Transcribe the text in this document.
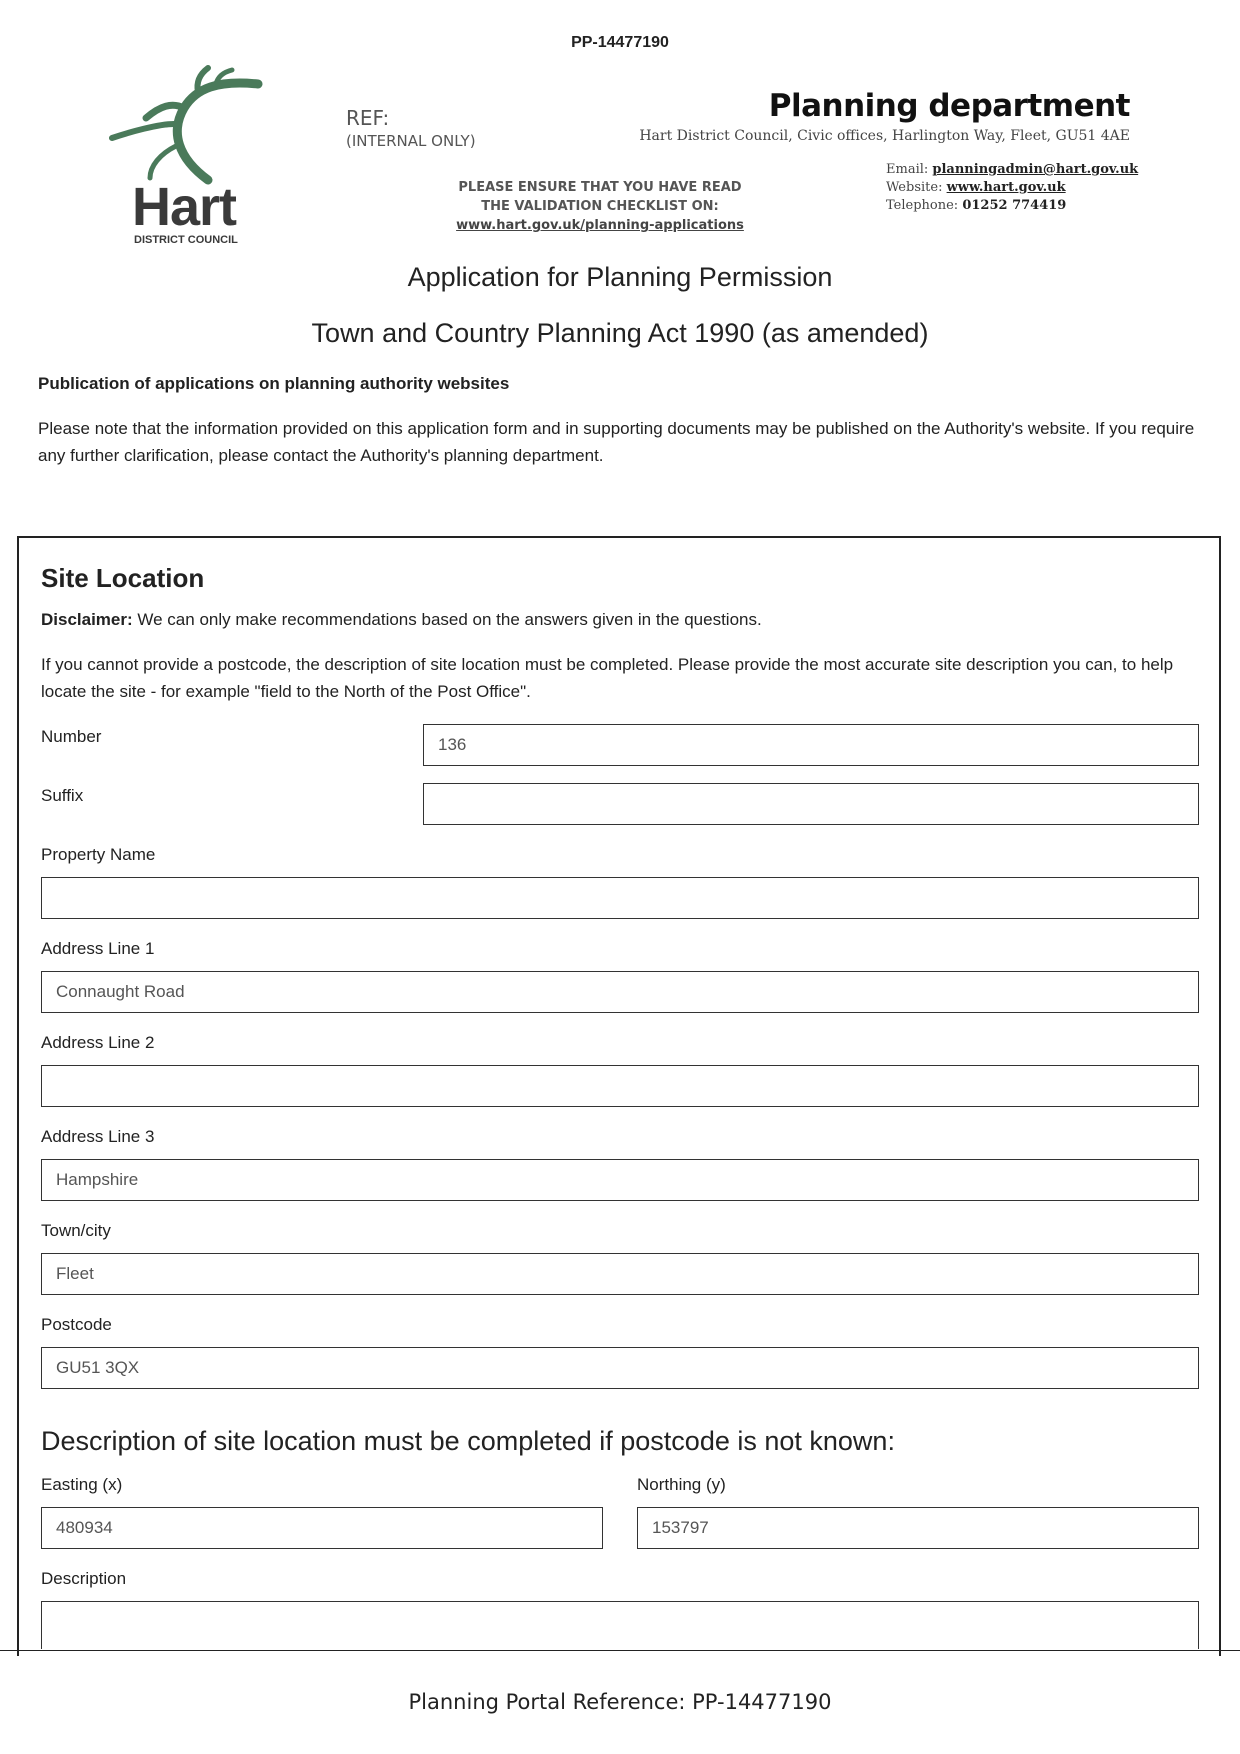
PP-14477190
Hart
DISTRICT COUNCIL
REF:
(INTERNAL ONLY)
Planning department
Hart District Council, Civic offices, Harlington Way, Fleet, GU51 4AE
PLEASE ENSURE THAT YOU HAVE READ
THE VALIDATION CHECKLIST ON:
www.hart.gov.uk/planning-applications
Email: planningadmin@hart.gov.uk
Website: www.hart.gov.uk
Telephone: 01252 774419
Application for Planning Permission
Town and Country Planning Act 1990 (as amended)
Publication of applications on planning authority websites
Please note that the information provided on this application form and in supporting documents may be published on the Authority's website. If you require any further clarification, please contact the Authority's planning department.
Site Location
Disclaimer: We can only make recommendations based on the answers given in the questions.
If you cannot provide a postcode, the description of site location must be completed. Please provide the most accurate site description you can, to help locate the site - for example "field to the North of the Post Office".
Number	136
Suffix
Property Name
Address Line 1
Connaught Road
Address Line 2
Address Line 3
Hampshire
Town/city
Fleet
Postcode
GU51 3QX
Description of site location must be completed if postcode is not known:
Easting (x)
480934
Northing (y)
153797
Description
Planning Portal Reference: PP-14477190
